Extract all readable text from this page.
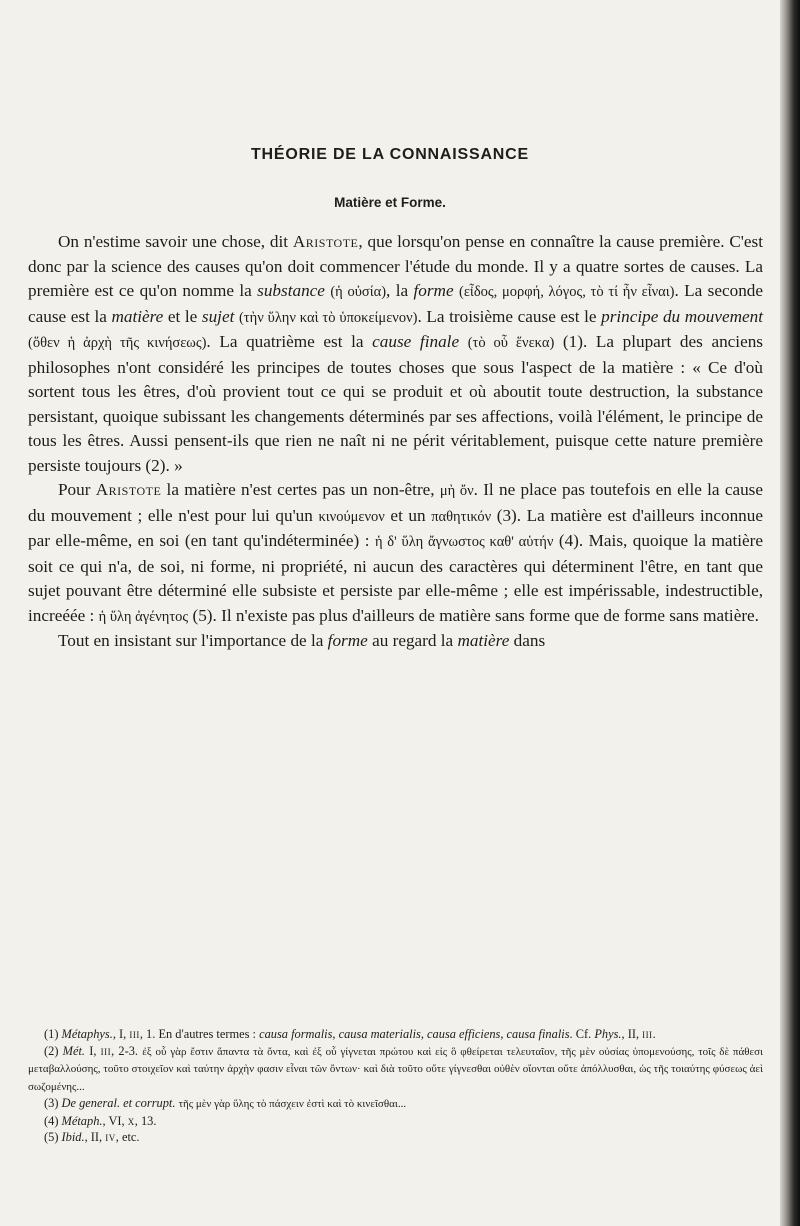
THÉORIE DE LA CONNAISSANCE
Matière et Forme.

On n'estime savoir une chose, dit Aristote, que lorsqu'on pense en connaître la cause première. C'est donc par la science des causes qu'on doit commencer l'étude du monde. Il y a quatre sortes de causes. La première est ce qu'on nomme la substance (ἡ οὐσία), la forme (εἶδος, μορφή, λόγος, τὸ τί ἦν εἶναι). La seconde cause est la matière et le sujet (τὴν ὕλην καὶ τὸ ὑποκείμενον). La troisième cause est le principe du mouvement (ὅθεν ἡ ἀρχὴ τῆς κινήσεως). La quatrième est la cause finale (τὸ οὗ ἕνεκα) (1). La plupart des anciens philosophes n'ont considéré les principes de toutes choses que sous l'aspect de la matière : « Ce d'où sortent tous les êtres, d'où provient tout ce qui se produit et où aboutit toute destruction, la substance persistant, quoique subissant les changements déterminés par ses affections, voilà l'élément, le principe de tous les êtres. Aussi pensent-ils que rien ne naît ni ne périt véritablement, puisque cette nature première persiste toujours (2). »

Pour Aristote la matière n'est certes pas un non-être, μὴ ὄν. Il ne place pas toutefois en elle la cause du mouvement ; elle n'est pour lui qu'un κινούμενον et un παθητικόν (3). La matière est d'ailleurs inconnue par elle-même, en soi (en tant qu'indéterminée) : ἡ δ' ὕλη ἄγνωστος καθ' αὑτήν (4). Mais, quoique la matière soit ce qui n'a, de soi, ni forme, ni propriété, ni aucun des caractères qui déterminent l'être, en tant que sujet pouvant être déterminé elle subsiste et persiste par elle-même ; elle est impérissable, indestructible, increéée : ἡ ὕλη ἀγένητος (5). Il n'existe pas plus d'ailleurs de matière sans forme que de forme sans matière.

Tout en insistant sur l'importance de la forme au regard la matière dans

(1) Métaphys., I, iii, 1. En d'autres termes : causa formalis, causa materialis, causa efficiens, causa finalis. Cf. Phys., II, iii.

(2) Mét. I, iii, 2-3. ἐξ οὗ γὰρ ἔστιν ἅπαντα τὰ ὄντα, καὶ ἐξ οὗ γίγνεται πρώτου καὶ εἰς ὃ φθείρεται τελευταῖον, τῆς μὲν οὐσίας ὑπομενούσης, τοῖς δὲ πάθεσι μεταβαλλούσης, τοῦτο στοιχεῖον καὶ ταύτην ἀρχὴν φασιν εἶναι τῶν ὄντων· καὶ διὰ τοῦτο οὔτε γίγνεσθαι οὐθὲν οἴονται οὔτε ἀπόλλυσθαι, ὡς τῆς τοιαύτης φύσεως ἀεὶ σωζομένης...

(3) De general. et corrupt. τῆς μὲν γὰρ ὕλης τὸ πάσχειν ἐστὶ καὶ τὸ κινεῖσθαι...

(4) Métaph., VI, x, 13.

(5) Ibid., II, iv, etc.
